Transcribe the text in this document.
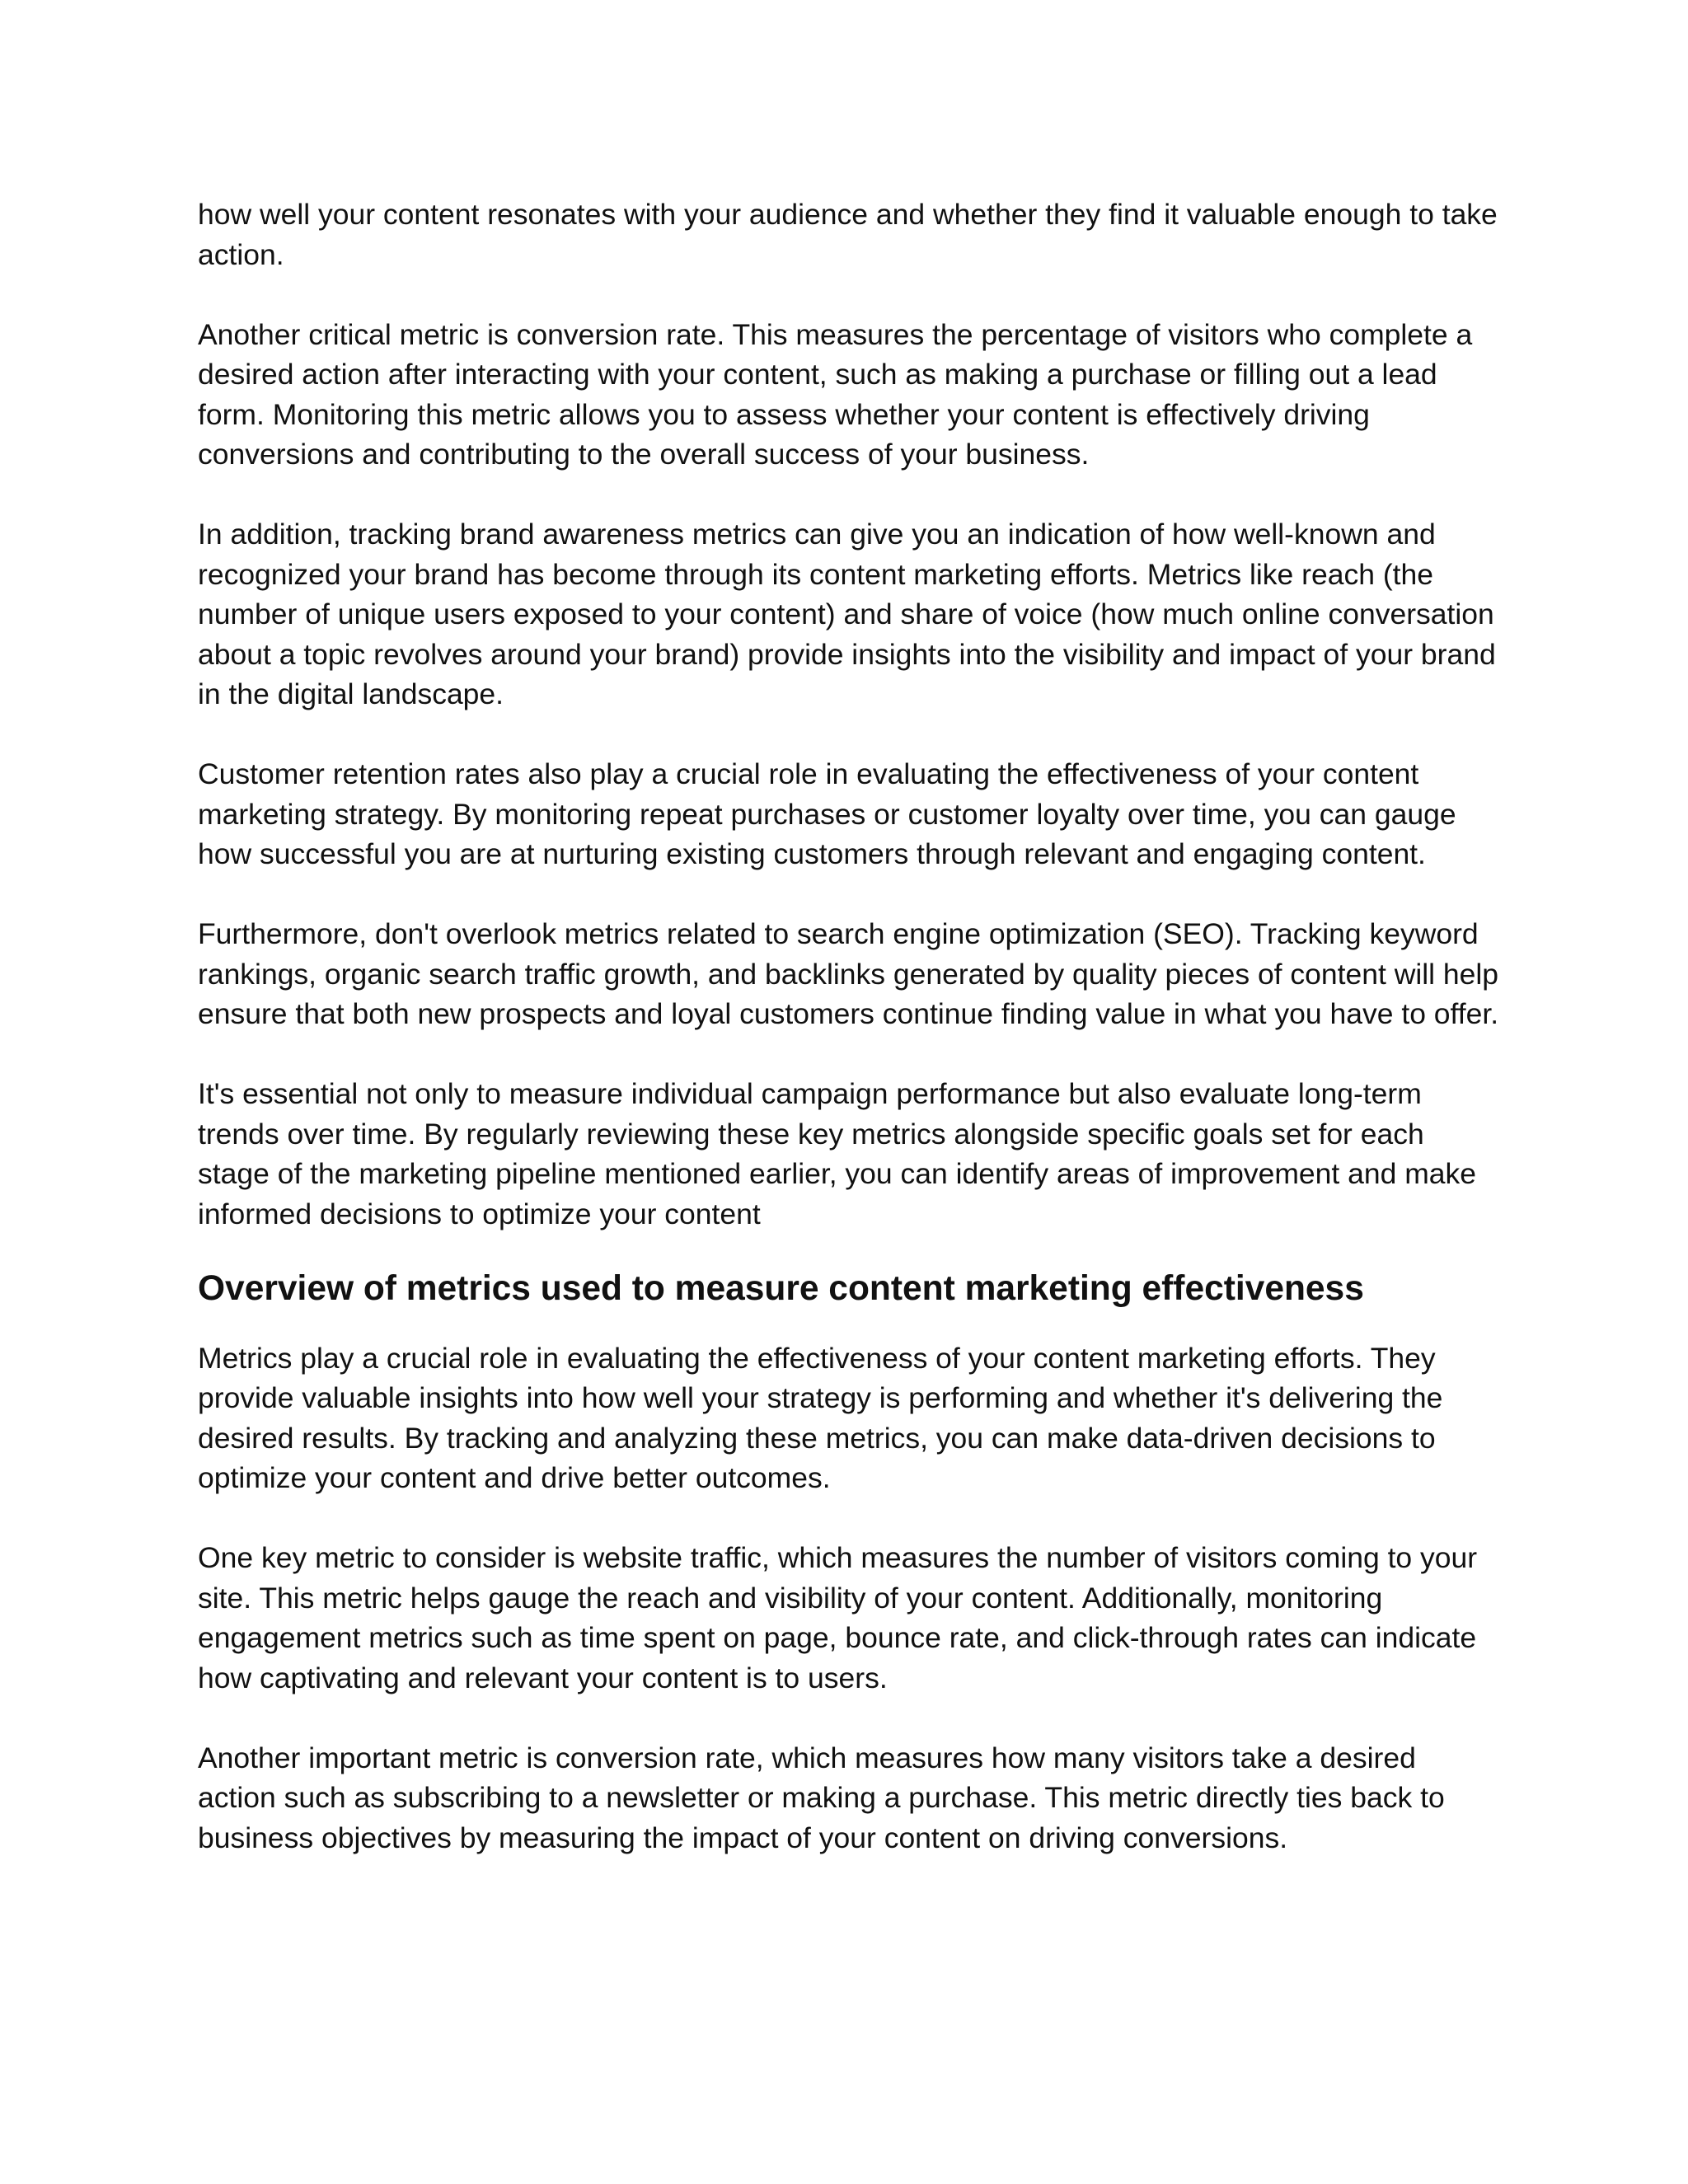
how well your content resonates with your audience and whether they find it valuable enough to take action.

Another critical metric is conversion rate. This measures the percentage of visitors who complete a desired action after interacting with your content, such as making a purchase or filling out a lead form. Monitoring this metric allows you to assess whether your content is effectively driving conversions and contributing to the overall success of your business.

In addition, tracking brand awareness metrics can give you an indication of how well-known and recognized your brand has become through its content marketing efforts. Metrics like reach (the number of unique users exposed to your content) and share of voice (how much online conversation about a topic revolves around your brand) provide insights into the visibility and impact of your brand in the digital landscape.

Customer retention rates also play a crucial role in evaluating the effectiveness of your content marketing strategy. By monitoring repeat purchases or customer loyalty over time, you can gauge how successful you are at nurturing existing customers through relevant and engaging content.

Furthermore, don't overlook metrics related to search engine optimization (SEO). Tracking keyword rankings, organic search traffic growth, and backlinks generated by quality pieces of content will help ensure that both new prospects and loyal customers continue finding value in what you have to offer.

It's essential not only to measure individual campaign performance but also evaluate long-term trends over time. By regularly reviewing these key metrics alongside specific goals set for each stage of the marketing pipeline mentioned earlier, you can identify areas of improvement and make informed decisions to optimize your content

Overview of metrics used to measure content marketing effectiveness

Metrics play a crucial role in evaluating the effectiveness of your content marketing efforts. They provide valuable insights into how well your strategy is performing and whether it's delivering the desired results. By tracking and analyzing these metrics, you can make data-driven decisions to optimize your content and drive better outcomes.

One key metric to consider is website traffic, which measures the number of visitors coming to your site. This metric helps gauge the reach and visibility of your content. Additionally, monitoring engagement metrics such as time spent on page, bounce rate, and click-through rates can indicate how captivating and relevant your content is to users.

Another important metric is conversion rate, which measures how many visitors take a desired action such as subscribing to a newsletter or making a purchase. This metric directly ties back to business objectives by measuring the impact of your content on driving conversions.
